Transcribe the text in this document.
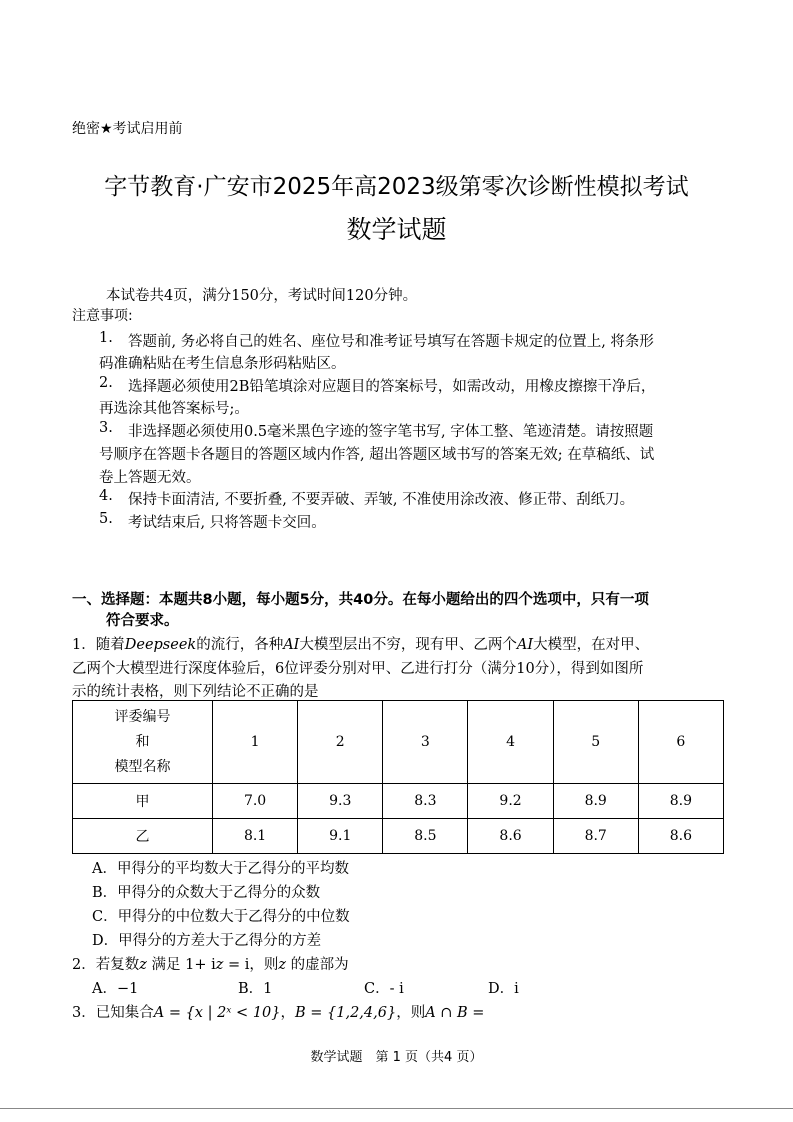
绝密★考试启用前
字节教育·广安市2025年高2023级第零次诊断性模拟考试
数学试题
本试卷共4页，满分150分，考试时间120分钟。
注意事项:
1. 答题前, 务必将自己的姓名、座位号和准考证号填写在答题卡规定的位置上, 将条形
码准确粘贴在考生信息条形码粘贴区。
2. 选择题必须使用2B铅笔填涂对应题目的答案标号，如需改动，用橡皮擦擦干净后，
再选涂其他答案标号;。
3. 非选择题必须使用0.5毫米黑色字迹的签字笔书写, 字体工整、笔迹清楚。请按照题
号顺序在答题卡各题目的答题区域内作答, 超出答题区域书写的答案无效; 在草稿纸、试
卷上答题无效。
4. 保持卡面清洁, 不要折叠, 不要弄破、弄皱, 不准使用涂改液、修正带、刮纸刀。
5. 考试结束后, 只将答题卡交回。
一、选择题：本题共8小题，每小题5分，共40分。在每小题给出的四个选项中，只有一项
符合要求。
1．随着Deepseek的流行，各种AI大模型层出不穷，现有甲、乙两个AI大模型，在对甲、
乙两个大模型进行深度体验后，6位评委分别对甲、乙进行打分（满分10分），得到如图所
示的统计表格，则下列结论不正确的是
评委编号
和
模型名称	1	2	3	4	5	6
甲	7.0	9.3	8.3	9.2	8.9	8.9
乙	8.1	9.1	8.5	8.6	8.7	8.6
A．甲得分的平均数大于乙得分的平均数
B．甲得分的众数大于乙得分的众数
C．甲得分的中位数大于乙得分的中位数
D．甲得分的方差大于乙得分的方差
2．若复数z 满足 1+ iz = i，则z 的虚部为
A．−1	B．1	C．- i	D．i
3．已知集合A = {x | 2ˣ < 10}，B = {1,2,4,6}，则A ∩ B =
数学试题　第 1 页（共4 页）
